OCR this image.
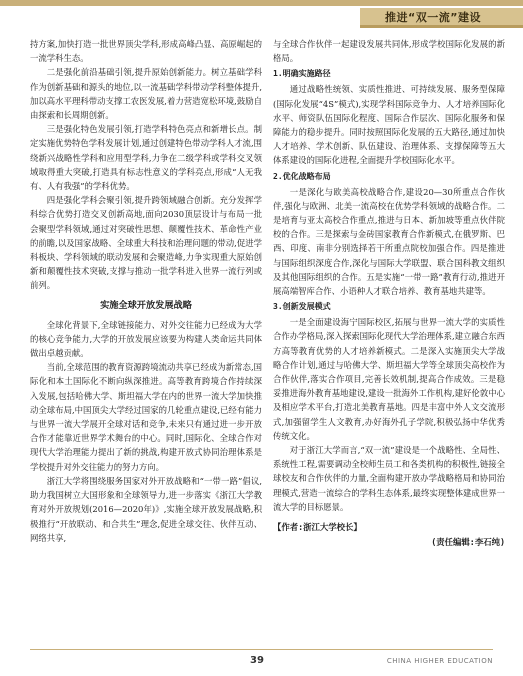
推进“双一流”建设

持方案,加快打造一批世界顶尖学科,形成高峰凸显、高原崛起的一流学科生态。

二是强化前沿基础引领,提升原始创新能力。树立基础学科作为创新基础和源头的地位,以一流基础学科带动学科整体提升,加以高水平理科带动支撑工农医发展,着力营造宽松环境,鼓励自由探索和长周期创新。

三是强化特色发展引领,打造学科特色亮点和新增长点。制定实施优势特色学科发展计划,通过创建特色带动学科人才流,围绕新兴战略性学科和应用型学科,力争在二级学科或学科交叉领域取得重大突破,打造具有标志性意义的学科亮点,形成“人无我有、人有我强”的学科优势。

四是强化学科会聚引领,提升跨领域融合创新。充分发挥学科综合优势打造交叉创新高地,面向2030顶层设计与布局一批会聚型学科领域,通过对突破性思想、颠覆性技术、革命性产业的前瞻,以及国家战略、全球重大科技和治理问题的带动,促进学科板块、学科领域的联动发展和会聚造峰,力争实现重大原始创新和颠覆性技术突破,支撑与推动一批学科进入世界一流行列或前列。

实施全球开放发展战略

全球化背景下,全球链接能力、对外交往能力已经成为大学的核心竞争能力,大学的开放发展应该要为构建人类命运共同体做出卓越贡献。

当前,全球范围的教育资源跨境流动共享已经成为新常态,国际化和本土国际化不断向纵深推进。高等教育跨境合作持续深入发展,包括哈佛大学、斯坦福大学在内的世界一流大学加快推动全球布局,中国顶尖大学经过国家的几轮重点建设,已经有能力与世界一流大学展开全球对话和竞争,未来只有通过进一步开放合作才能靠近世界学术舞台的中心。同时,国际化、全球合作对现代大学治理能力提出了新的挑战,构建开放式协同治理体系是学校提升对外交往能力的努力方向。

浙江大学将围绕服务国家对外开放战略和“一带一路”倡议,助力我国树立大国形象和全球领导力,进一步落实《浙江大学教育对外开放规划(2016—2020年)》,实施全球开放发展战略,积极推行“开放联动、和合共生”理念,促进全球交往、伙伴互动、网络共享,

与全球合作伙伴一起建设发展共同体,形成学校国际化发展的新格局。

1.明确实施路径

通过战略性统领、实质性推进、可持续发展、服务型保障(国际化发展“4S”模式),实现学科国际竞争力、人才培养国际化水平、师资队伍国际化程度、国际合作层次、国际化服务和保障能力的稳步提升。同时按照国际化发展的五大路径,通过加快人才培养、学术创新、队伍建设、治理体系、支撑保障等五大体系建设的国际化进程,全面提升学校国际化水平。

2.优化战略布局

一是深化与欧美高校战略合作,建设20—30所重点合作伙伴,强化与欧洲、北美一流高校在优势学科领域的战略合作。二是培育与亚太高校合作重点,推进与日本、新加坡等重点伙伴院校的合作。三是探索与金砖国家教育合作新模式,在俄罗斯、巴西、印度、南非分别选择若干所重点院校加强合作。四是推进与国际组织深度合作,深化与国际大学联盟、联合国科教文组织及其他国际组织的合作。五是实施“一带一路”教育行动,推进开展高端智库合作、小语种人才联合培养、教育基地共建等。

3.创新发展模式

一是全面建设海宁国际校区,拓展与世界一流大学的实质性合作办学格局,深入探索国际化现代大学治理体系,建立融合东西方高等教育优势的人才培养新模式。二是深入实施顶尖大学战略合作计划,通过与哈佛大学、斯坦福大学等全球顶尖高校作为合作伙伴,落实合作项目,完善长效机制,提高合作成效。三是稳妥推进海外教育基地建设,建设一批海外工作机构,建好伦敦中心及相应学术平台,打造北美教育基地。四是丰富中外人文交流形式,加强留学生人文教育,办好海外孔子学院,积极弘扬中华优秀传统文化。

对于浙江大学而言,“双一流”建设是一个战略性、全局性、系统性工程,需要调动全校师生员工和各类机构的积极性,链接全球校友和合作伙伴的力量,全面构建开放办学战略格局和协同治理模式,营造一流综合的学科生态体系,最终实现整体建成世界一流大学的目标愿景。

【作者:浙江大学校长】
(责任编辑:李石纯)
39	CHINA HIGHER EDUCATION
